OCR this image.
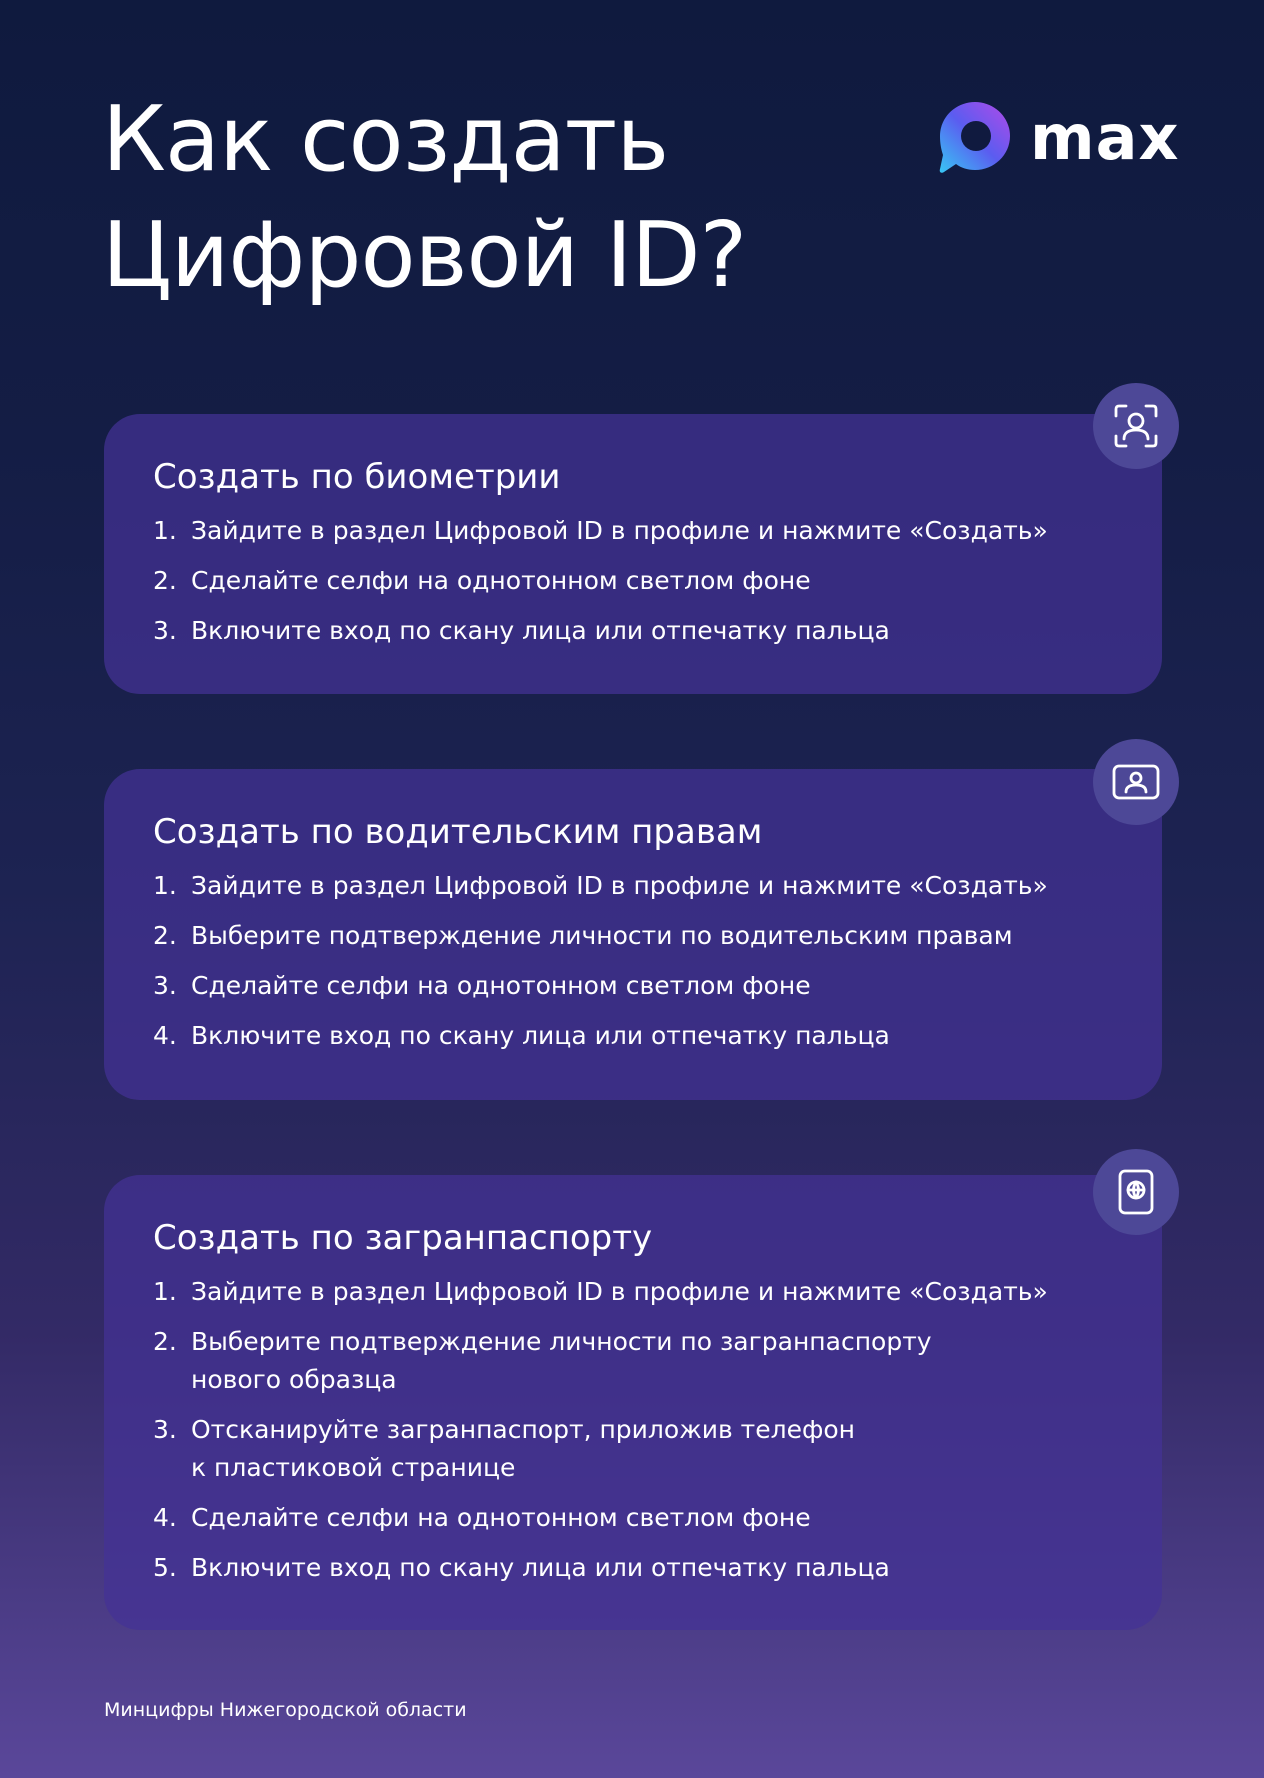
Как создать
Цифровой ID?
max
Создать по биометрии
1. Зайдите в раздел Цифровой ID в профиле и нажмите «Создать»
2. Сделайте селфи на однотонном светлом фоне
3. Включите вход по скану лица или отпечатку пальца
Создать по водительским правам
1. Зайдите в раздел Цифровой ID в профиле и нажмите «Создать»
2. Выберите подтверждение личности по водительским правам
3. Сделайте селфи на однотонном светлом фоне
4. Включите вход по скану лица или отпечатку пальца
Создать по загранпаспорту
1. Зайдите в раздел Цифровой ID в профиле и нажмите «Создать»
2. Выберите подтверждение личности по загранпаспорту
нового образца
3. Отсканируйте загранпаспорт, приложив телефон
к пластиковой странице
4. Сделайте селфи на однотонном светлом фоне
5. Включите вход по скану лица или отпечатку пальца
Минцифры Нижегородской области
